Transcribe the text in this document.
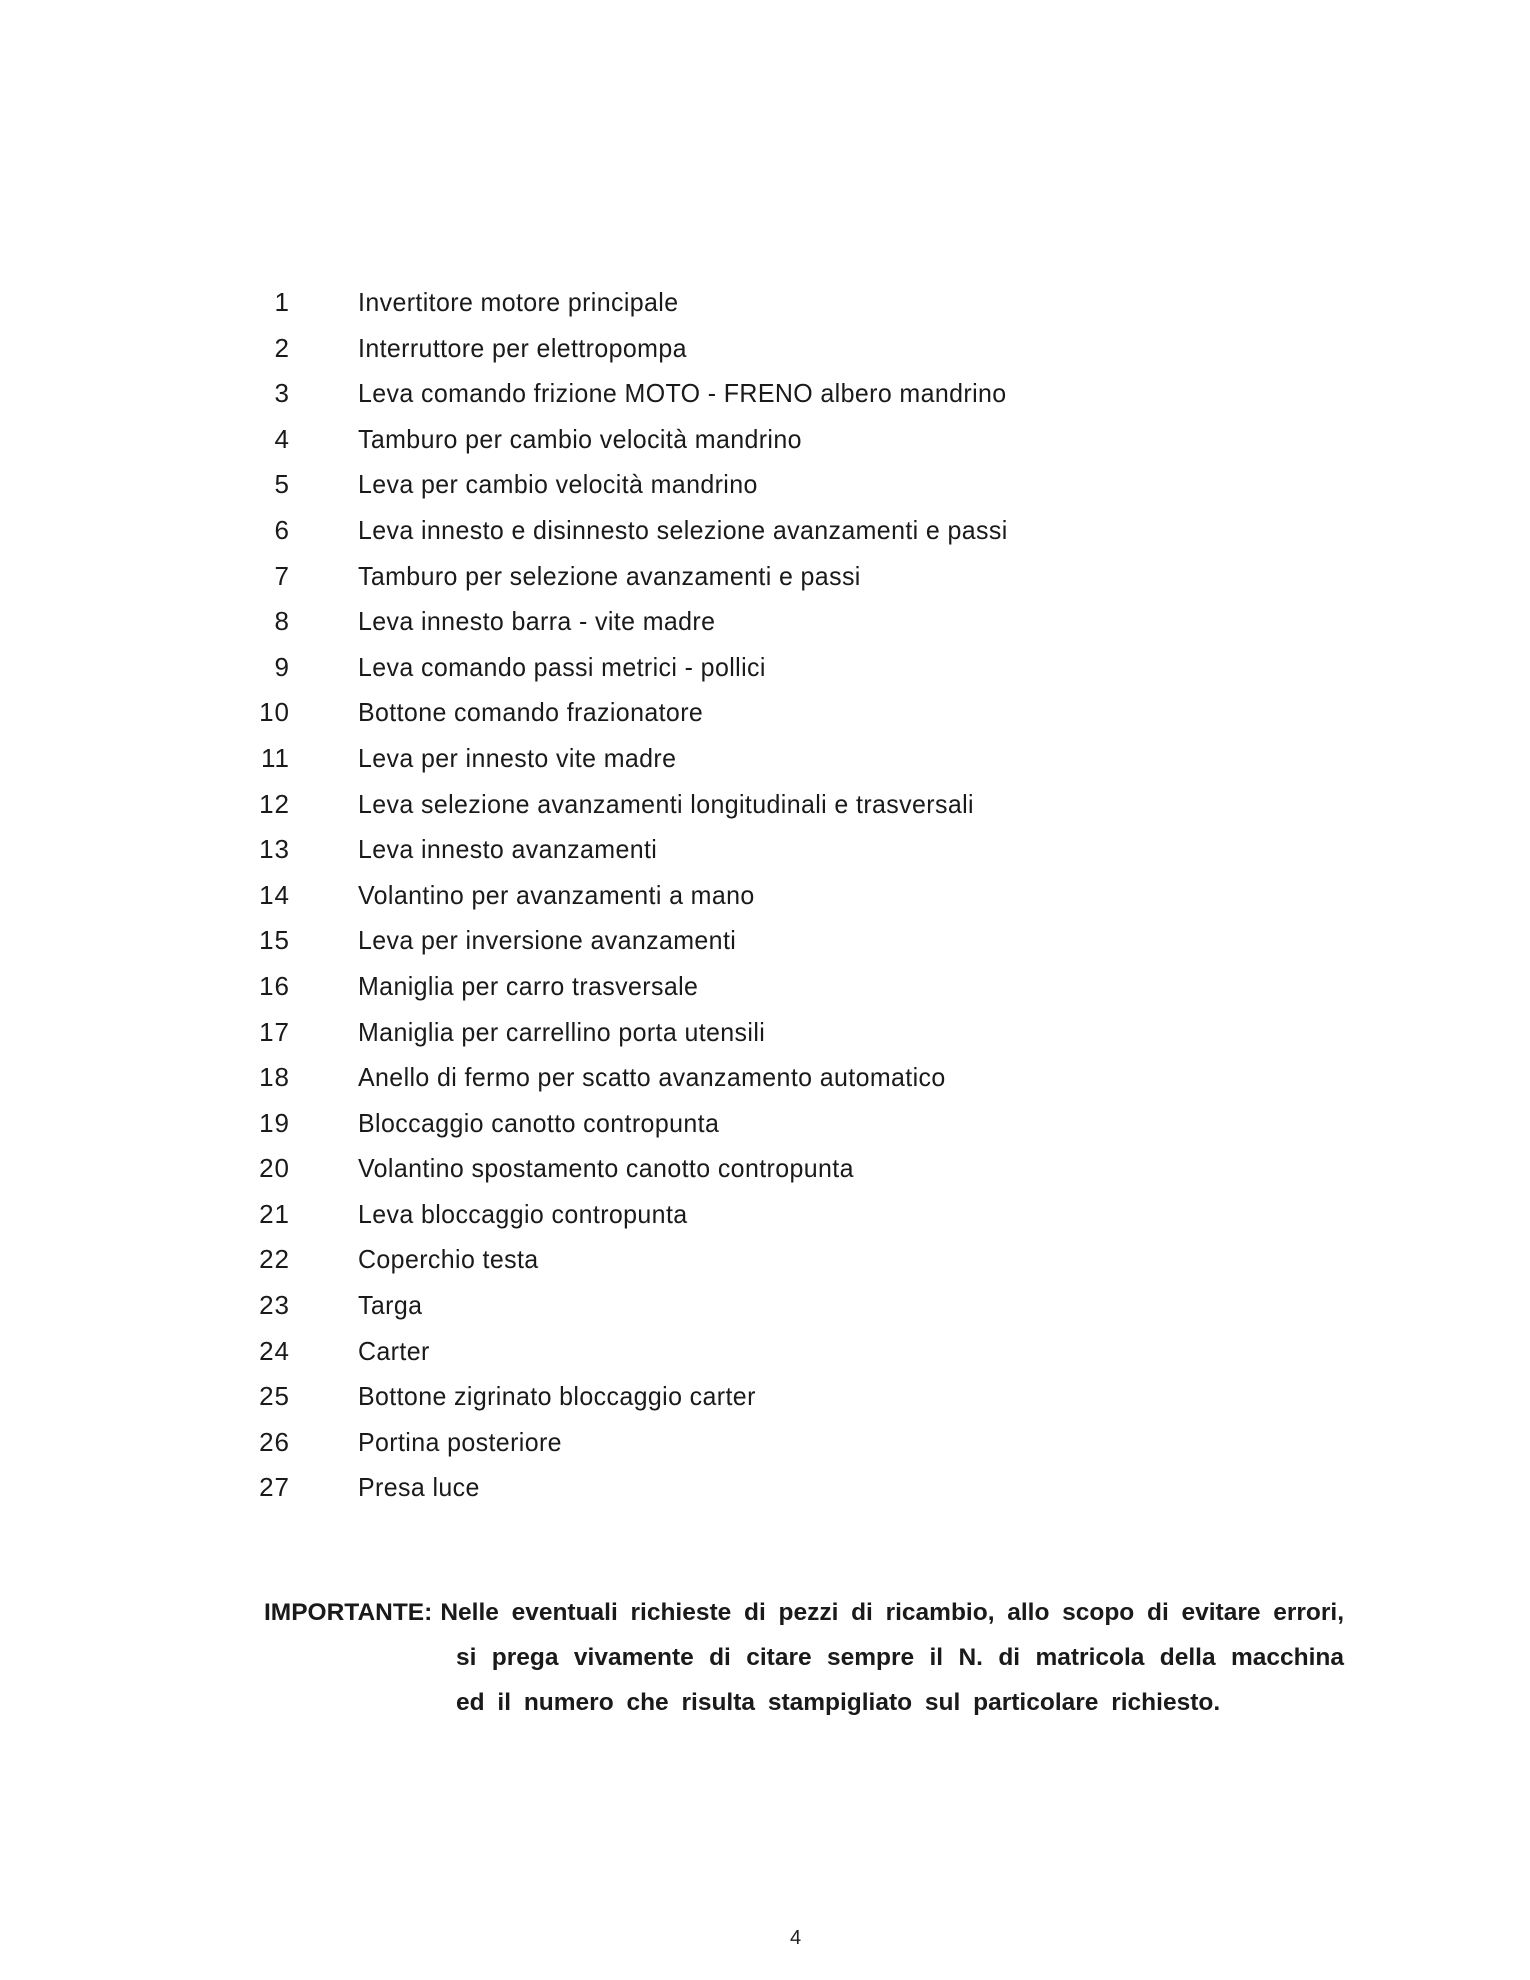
1	Invertitore motore principale
2	Interruttore per elettropompa
3	Leva comando frizione MOTO - FRENO albero mandrino
4	Tamburo per cambio velocità mandrino
5	Leva per cambio velocità mandrino
6	Leva innesto e disinnesto selezione avanzamenti e passi
7	Tamburo per selezione avanzamenti e passi
8	Leva innesto barra - vite madre
9	Leva comando passi metrici - pollici
10	Bottone comando frazionatore
11	Leva per innesto vite madre
12	Leva selezione avanzamenti longitudinali e trasversali
13	Leva innesto avanzamenti
14	Volantino per avanzamenti a mano
15	Leva per inversione avanzamenti
16	Maniglia per carro trasversale
17	Maniglia per carrellino porta utensili
18	Anello di fermo per scatto avanzamento automatico
19	Bloccaggio canotto contropunta
20	Volantino spostamento canotto contropunta
21	Leva bloccaggio contropunta
22	Coperchio testa
23	Targa
24	Carter
25	Bottone zigrinato bloccaggio carter
26	Portina posteriore
27	Presa luce
IMPORTANTE: Nelle eventuali richieste di pezzi di ricambio, allo scopo di evitare errori,
si prega vivamente di citare sempre il N. di matricola della macchina
ed il numero che risulta stampigliato sul particolare richiesto.
4
